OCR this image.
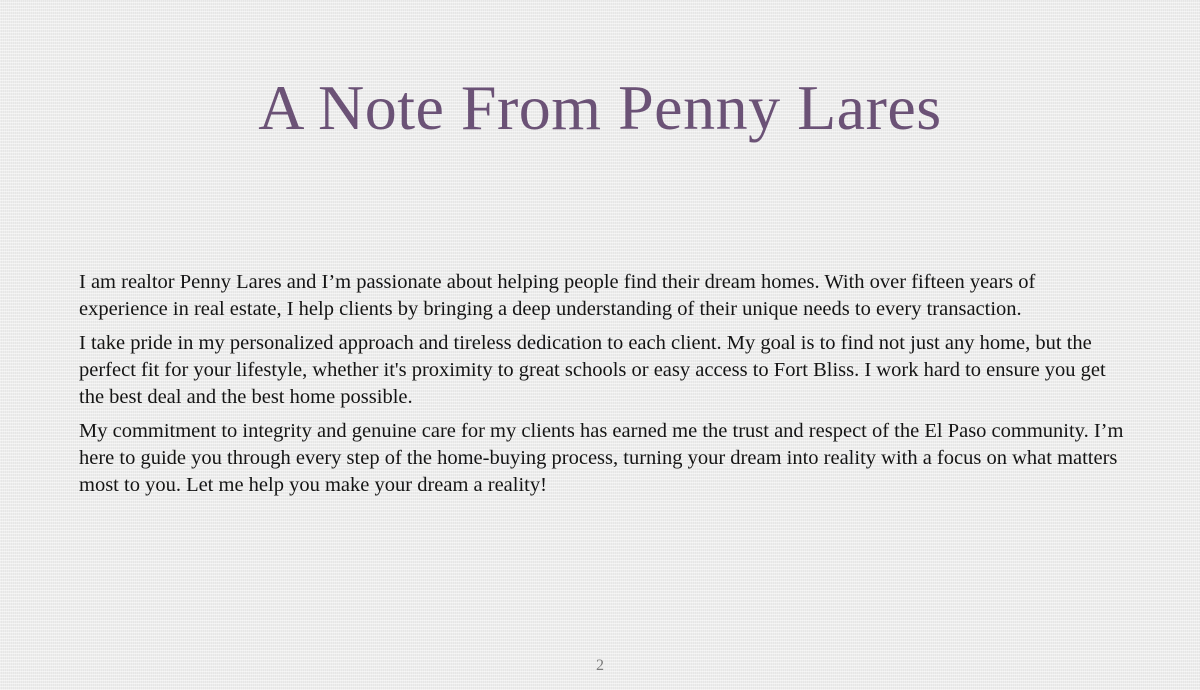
A Note From Penny Lares

I am realtor Penny Lares and I’m passionate about helping people find their dream homes. With over fifteen years of experience in real estate, I help clients by bringing a deep understanding of their unique needs to every transaction.

I take pride in my personalized approach and tireless dedication to each client. My goal is to find not just any home, but the perfect fit for your lifestyle, whether it's proximity to great schools or easy access to Fort Bliss. I work hard to ensure you get the best deal and the best home possible.

My commitment to integrity and genuine care for my clients has earned me the trust and respect of the El Paso community. I’m here to guide you through every step of the home-buying process, turning your dream into reality with a focus on what matters most to you. Let me help you make your dream a reality!

2
